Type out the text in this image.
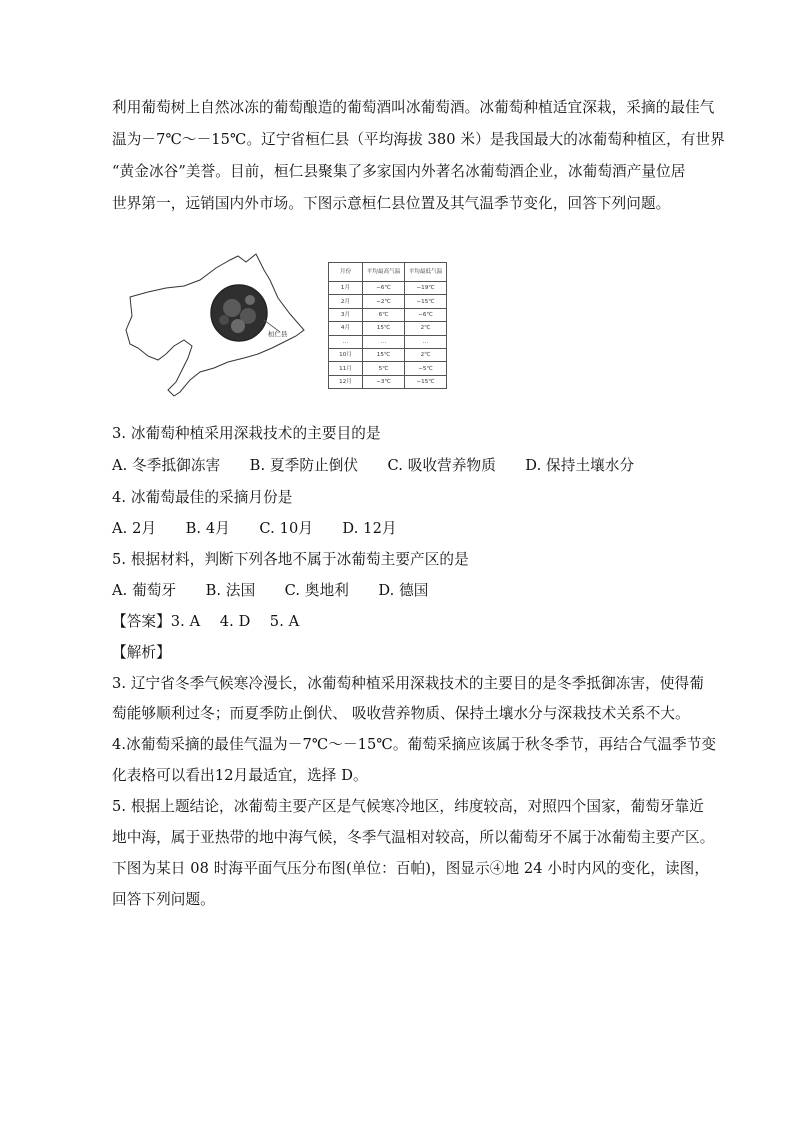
利用葡萄树上自然冰冻的葡萄酿造的葡萄酒叫冰葡萄酒。冰葡萄种植适宜深栽，采摘的最佳气
温为－7℃～－15℃。辽宁省桓仁县（平均海拔 380 米）是我国最大的冰葡萄种植区，有世界
“黄金冰谷”美誉。目前，桓仁县聚集了多家国内外著名冰葡萄酒企业，冰葡萄酒产量位居
世界第一，远销国内外市场。下图示意桓仁县位置及其气温季节变化，回答下列问题。
桓仁县
月份	平均最高气温	平均最低气温
1月	−6℃	−19℃
2月	−2℃	−15℃
3月	6℃	−6℃
4月	15℃	2℃
…	…	…
10月	15℃	2℃
11月	5℃	−5℃
12月	−3℃	−15℃
3. 冰葡萄种植采用深栽技术的主要目的是
A. 冬季抵御冻害　　B. 夏季防止倒伏　　C. 吸收营养物质　　D. 保持土壤水分
4. 冰葡萄最佳的采摘月份是
A. 2月　　B. 4月　　C. 10月　　D. 12月
5. 根据材料，判断下列各地不属于冰葡萄主要产区的是
A. 葡萄牙　　B. 法国　　C. 奥地利　　D. 德国
【答案】3. A　 4. D　 5. A
【解析】
3. 辽宁省冬季气候寒冷漫长，冰葡萄种植采用深栽技术的主要目的是冬季抵御冻害，使得葡
萄能够顺利过冬；而夏季防止倒伏、 吸收营养物质、保持土壤水分与深栽技术关系不大。
4.冰葡萄采摘的最佳气温为－7℃～－15℃。葡萄采摘应该属于秋冬季节，再结合气温季节变
化表格可以看出12月最适宜，选择 D。
5. 根据上题结论，冰葡萄主要产区是气候寒冷地区，纬度较高，对照四个国家，葡萄牙靠近
地中海，属于亚热带的地中海气候，冬季气温相对较高，所以葡萄牙不属于冰葡萄主要产区。
下图为某日 08 时海平面气压分布图(单位：百帕)，图显示④地 24 小时内风的变化，读图，
回答下列问题。
